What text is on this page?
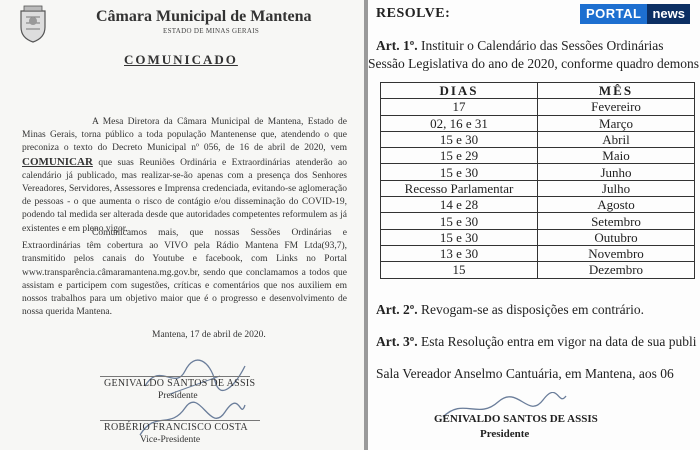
Câmara Municipal de Mantena
ESTADO DE MINAS GERAIS
COMUNICADO

A Mesa Diretora da Câmara Municipal de Mantena, Estado de Minas Gerais, torna público a toda população Mantenense que, atendendo o que preconiza o texto do Decreto Municipal nº 056, de 16 de abril de 2020, vem COMUNICAR que suas Reuniões Ordinária e Extraordinárias atenderão ao calendário já publicado, mas realizar-se-ão apenas com a presença dos Senhores Vereadores, Servidores, Assessores e Imprensa credenciada, evitando-se aglomeração de pessoas - o que aumenta o risco de contágio e/ou disseminação do COVID-19, podendo tal medida ser alterada desde que autoridades competentes reformulem as já existentes e em pleno vigor.

Comunicamos mais, que nossas Sessões Ordinárias e Extraordinárias têm cobertura ao VIVO pela Rádio Mantena FM Ltda(93,7), transmitido pelos canais do Youtube e facebook, com Links no Portal www.transparência.câmaramantena.mg.gov.br, sendo que conclamamos a todos que assistam e participem com sugestões, críticas e comentários que nos auxiliem em nossos trabalhos para um objetivo maior que é o progresso e desenvolvimento de nossa querida Mantena.

Mantena, 17 de abril de 2020.
GENIVALDO SANTOS DE ASSIS
Presidente
ROBÉRIO FRANCISCO COSTA
Vice-Presidente
RESOLVE:	PORTAL news
Art. 1º. Instituir o Calendário das Sessões Ordinárias
Sessão Legislativa do ano de 2020, conforme quadro demons
DIAS	MÊS
17	Fevereiro
02, 16 e 31	Março
15 e 30	Abril
15 e 29	Maio
15 e 30	Junho
Recesso Parlamentar	Julho
14 e 28	Agosto
15 e 30	Setembro
15 e 30	Outubro
13 e 30	Novembro
15	Dezembro
Art. 2º. Revogam-se as disposições em contrário.
Art. 3º. Esta Resolução entra em vigor na data de sua publi
Sala Vereador Anselmo Cantuária, em Mantena, aos 06
GENIVALDO SANTOS DE ASSIS
Presidente
